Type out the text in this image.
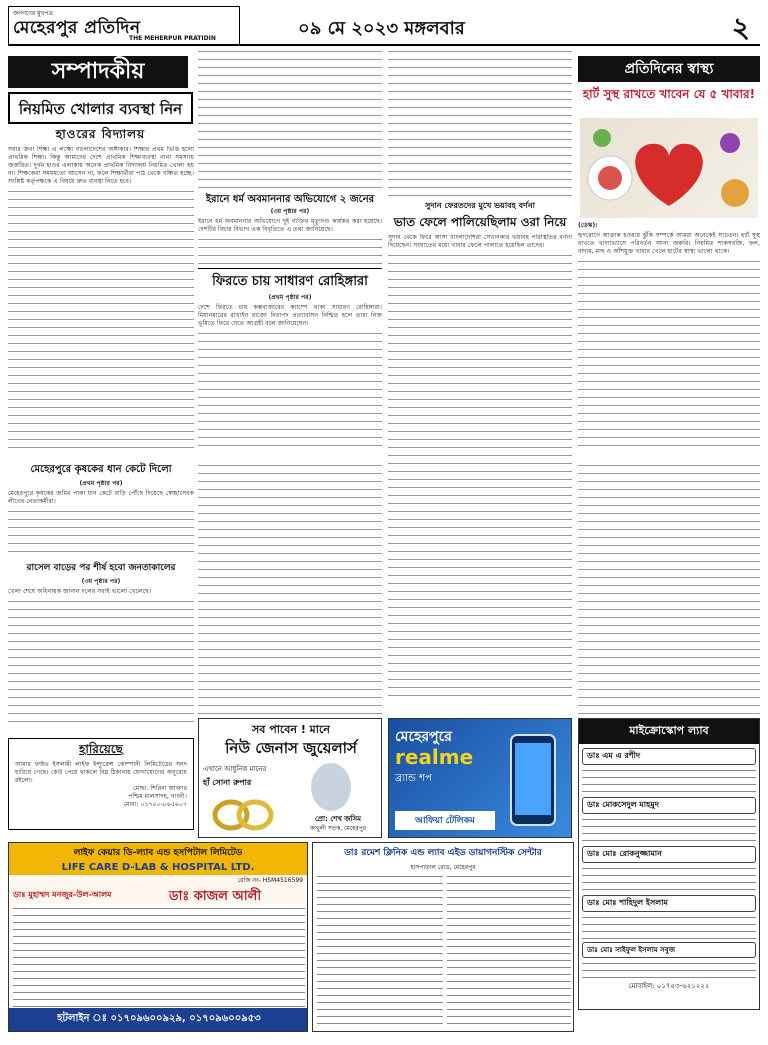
জনগণের মুখপত্র
মেহেরপুর প্রতিদিন
THE MEHERPUR PRATIDIN	০৯ মে ২০২৩ মঙ্গলবার	২
সম্পাদকীয়
নিয়মিত খোলার ব্যবস্থা নিন
হাওরের বিদ্যালয়

সবার জন্য শিক্ষা এ লক্ষ্যে বাংলাদেশের অঙ্গীকার। শিক্ষার প্রথম ভিত্তি হলো প্রাথমিক শিক্ষা। কিন্তু আমাদের দেশে প্রাথমিক শিক্ষাব্যবস্থা নানা সমস্যায় জর্জরিত। দুর্গম হাওর এলাকায় অনেক প্রাথমিক বিদ্যালয় নিয়মিত খোলা হয় না। শিক্ষকেরা সময়মতো আসেন না, ফলে শিক্ষার্থীরা পাঠ থেকে বঞ্চিত হচ্ছে। সংশ্লিষ্ট কর্তৃপক্ষকে এ বিষয়ে দ্রুত ব্যবস্থা নিতে হবে।

ইরানে ধর্ম অবমাননার অভিযোগে ২ জনের

(৩য় পৃষ্ঠার পর)

ইরানে ধর্ম অবমাননার অভিযোগে দুই ব্যক্তির মৃত্যুদণ্ড কার্যকর করা হয়েছে। দেশটির বিচার বিভাগ এক বিবৃতিতে এ তথ্য জানিয়েছে।

ফিরতে চায় সাধারণ রোহিঙ্গারা

(প্রথম পৃষ্ঠার পর)

দেশে ফিরতে চায় কক্সবাজারের ক্যাম্পে থাকা সাধারণ রোহিঙ্গারা। মিয়ানমারের রাখাইন রাজ্যে নিরাপদ প্রত্যাবাসন নিশ্চিত হলে তারা নিজ ভূমিতে ফিরে যেতে আগ্রহী বলে জানিয়েছেন।

সুদান ফেরতদের মুখে ভয়াবহ বর্ণনা
ভাত ফেলে পালিয়েছিলাম ওরা নিয়ে

সুদান থেকে ফিরে আসা বাংলাদেশিরা সেখানকার ভয়াবহ পরিস্থিতির বর্ণনা দিয়েছেন। সংঘাতের মধ্যে খাবার ফেলে পালাতে হয়েছিল তাদের।

প্রতিদিনের স্বাস্থ্য
হার্ট সুস্থ রাখতে খাবেন যে ৫ খাবার!

(ডেস্ক):

হৃদরোগে আক্রান্ত হওয়ার ঝুঁকি সম্পর্কে আমরা অনেকেই সচেতন। হার্ট সুস্থ রাখতে খাদ্যাভ্যাসে পরিবর্তন আনা জরুরি। নিয়মিত শাকসবজি, ফল, বাদাম, মাছ ও আঁশযুক্ত খাবার খেলে হার্টের স্বাস্থ্য ভালো থাকে।

মেহেরপুরে কৃষকের ধান কেটে দিলো

(প্রথম পৃষ্ঠার পর)

মেহেরপুরে কৃষকের জমির পাকা ধান কেটে বাড়ি পৌঁছে দিয়েছে স্বেচ্ছাসেবক লীগের নেতাকর্মীরা।

রাসেল বাড়ের পর শীর্ষ হবো জনতাকালের

(৩য় পৃষ্ঠার পর)

খেলা শেষে অধিনায়ক জানান দলের সবাই ভালো খেলেছে।

হারিয়েছে
আমার ফাইভ ইসলামী লাইফ ইন্স্যুরেন্স কোম্পানী লিমিটেডের সনদ হারিয়ে গেছে। কেউ পেয়ে থাকলে নিম্ন ঠিকানায় যোগাযোগের অনুরোধ রইলো।
মোছা. শিরিনা আক্তার
পশ্চিম মালসাদহ, গাংনী।
মোবা: ০১৭৫০-৮৬৫৬০৭
সব পাবেন ! মানে
নিউ জেনাস জুয়েলার্স
এখানে আধুনিক মানের
হাঁ সোনা রুপার
প্রো: শেখ জসিম
কাথুলী সড়ক, মেহেরপুর
মেহেরপুরে
realme
ব্র্যান্ড শপ
আফিয়া টেলিকম
মাইক্রোস্কোপ ল্যাব
ডাঃ এম এ রশীদ
ডাঃ মোকসেদুল মাহমুদ
ডাঃ মোঃ রোকনুজ্জামান
ডাঃ মোঃ শাহিদুল ইসলাম
ডাঃ মোঃ সাইফুল ইসলাম সবুজ
মোবাইল: ০১৭৫৩-৬২১২২২
লাইফ কেয়ার ডি-ল্যাব এন্ড হসপিটাল লিমিটেড
LIFE CARE D-LAB & HOSPITAL LTD.
রেজি নং- HSM4516599
ডাঃ মুহাম্মদ মনজুর-উল-আলম	ডাঃ কাজল আলী
হটলাইন ঃ ০১৭০৯৬০০৯২৯, ০১৭০৯৬০০৯৫৩
ডাঃ রমেশ ক্লিনিক এন্ড ল্যাব এইড ডায়াগনস্টিক সেন্টার
হাসপাতাল রোড, মেহেরপুর
